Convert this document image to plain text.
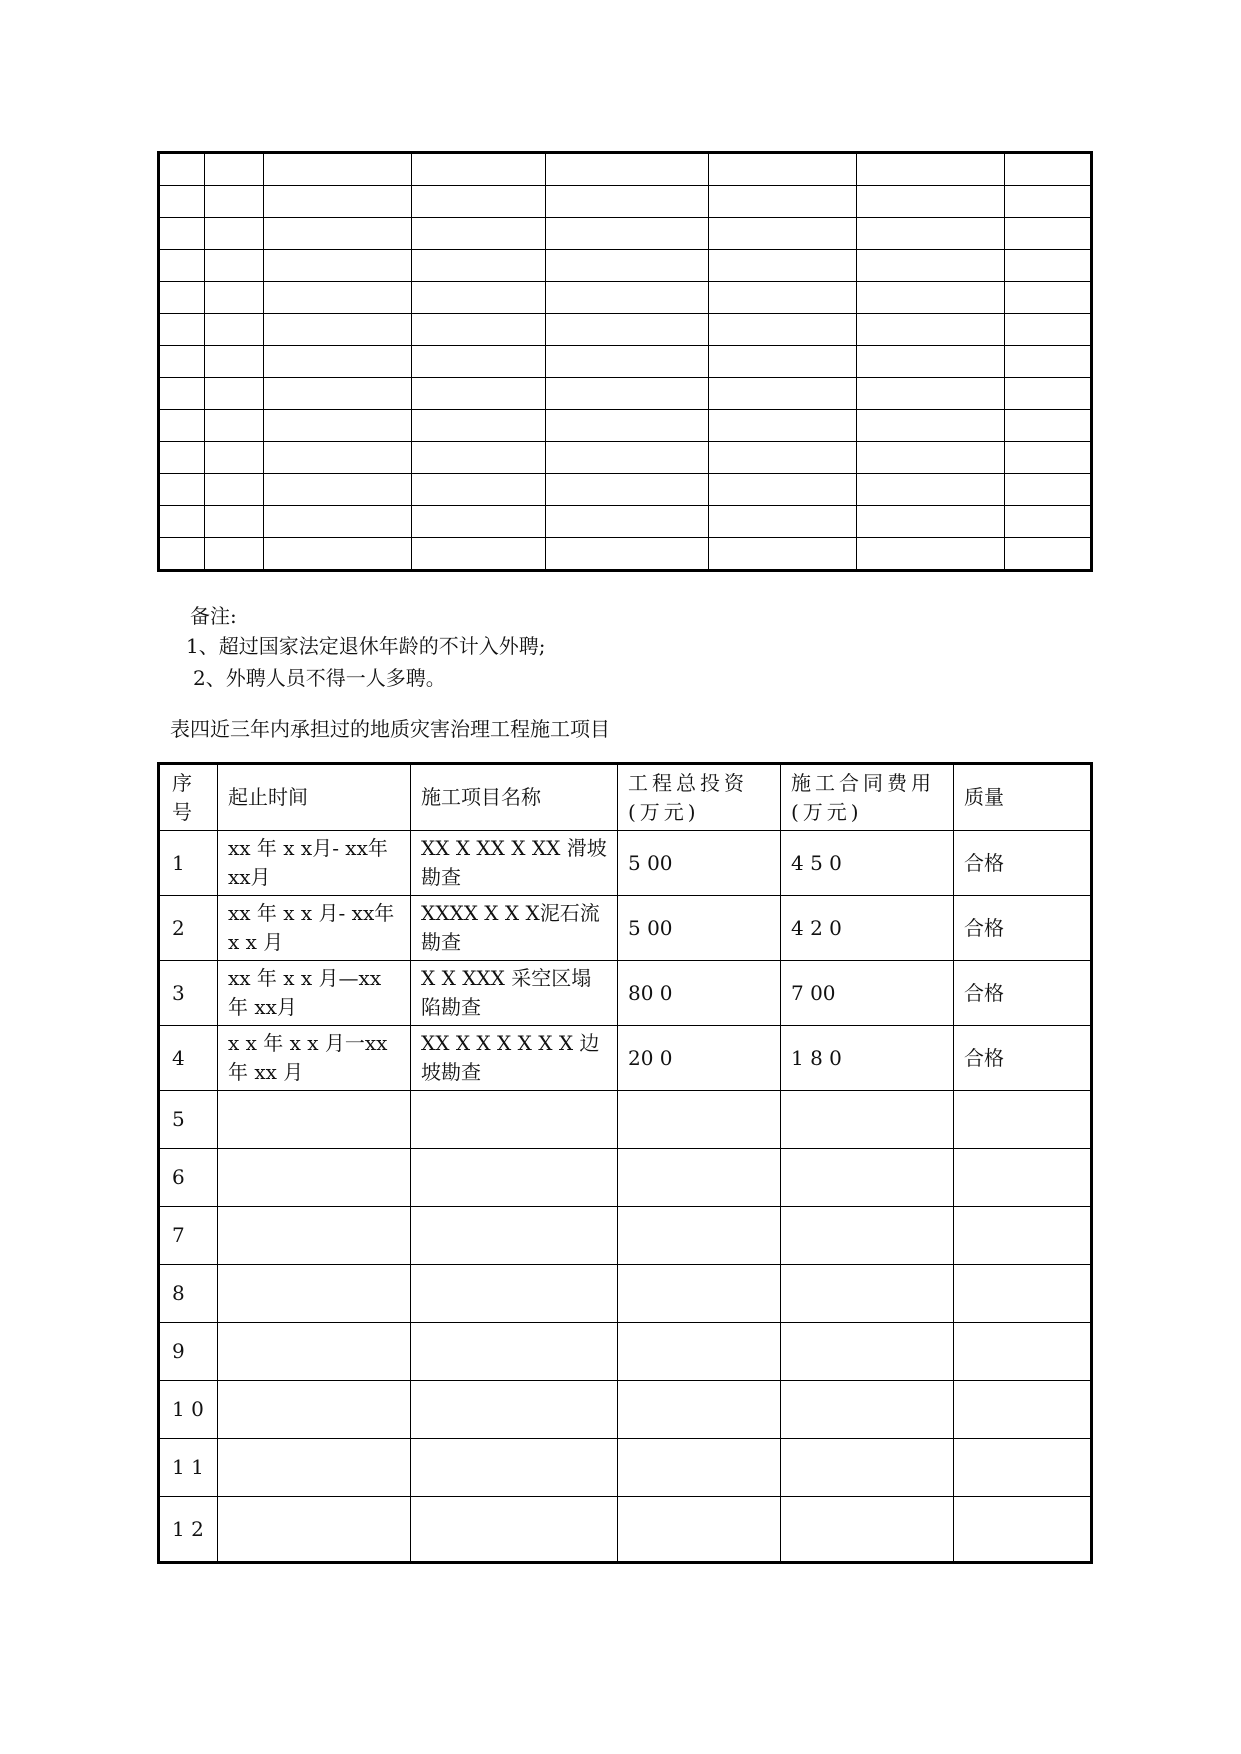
备注:
1、超过国家法定退休年龄的不计入外聘;
2、外聘人员不得一人多聘。
表四近三年内承担过的地质灾害治理工程施工项目
序号	起止时间	施工项目名称	工程总投资(万元)	施工合同费用(万元)	质量
1	xx 年 x x月- xx年 xx月	XX X XX X XX 滑坡勘查	5 00	4 5 0	合格
2	xx 年 x x 月- xx年 x x 月	XXXX X X X泥石流勘查	5 00	4 2 0	合格
3	xx 年 x x 月—xx年 xx月	X X XXX 采空区塌陷勘查	80 0	7 00	合格
4	x x 年 x x 月一xx 年 xx 月	XX X X X X X X 边坡勘查	20 0	1 8 0	合格
5					
6					
7					
8					
9					
1 0					
1 1					
1 2					
